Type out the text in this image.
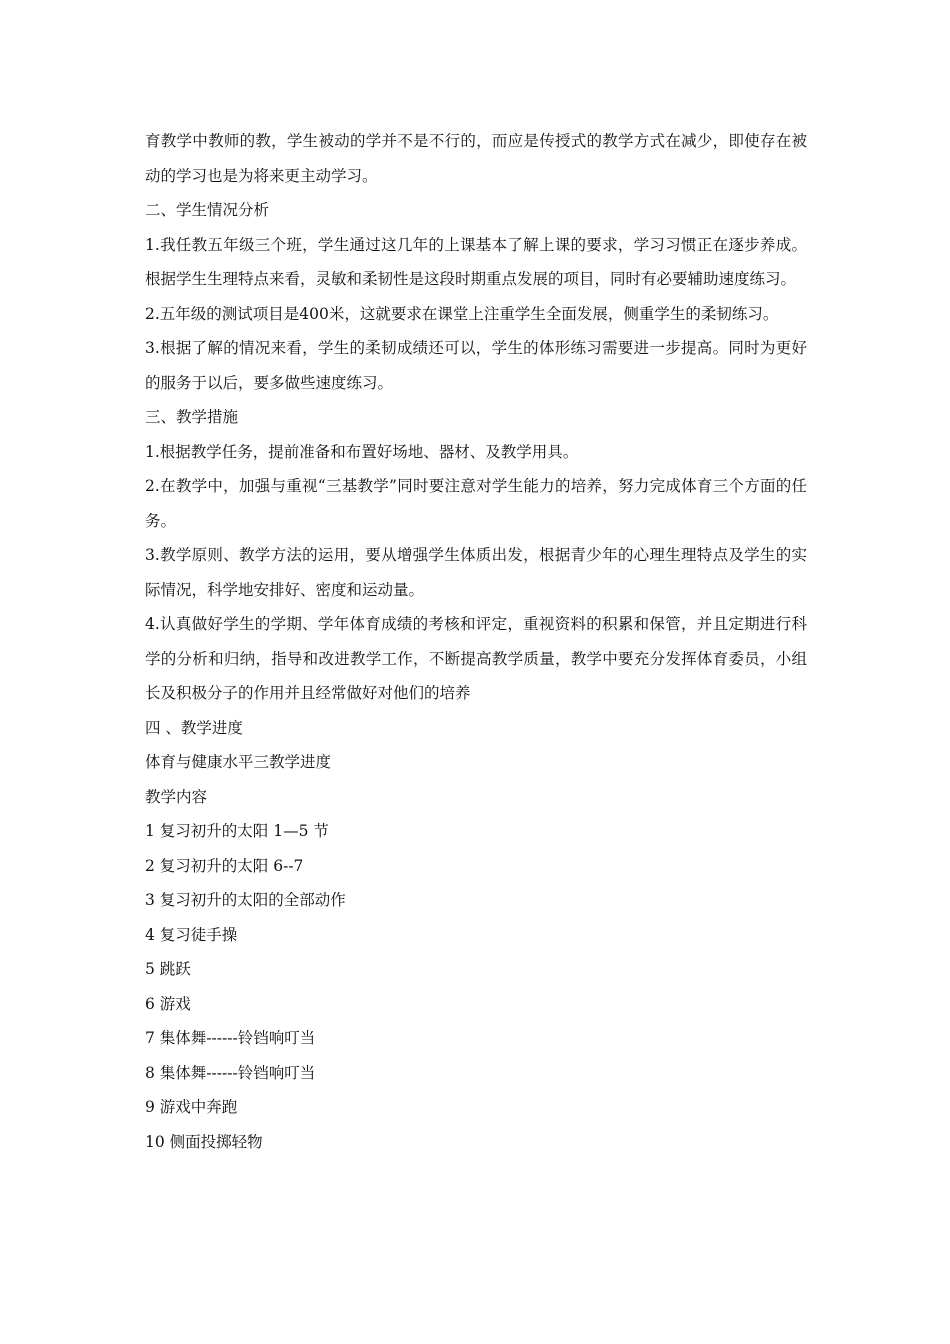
育教学中教师的教，学生被动的学并不是不行的，而应是传授式的教学方式在减少，即使存在被动的学习也是为将来更主动学习。

二、学生情况分析

1.我任教五年级三个班，学生通过这几年的上课基本了解上课的要求，学习习惯正在逐步养成。根据学生生理特点来看，灵敏和柔韧性是这段时期重点发展的项目，同时有必要辅助速度练习。

2.五年级的测试项目是400米，这就要求在课堂上注重学生全面发展，侧重学生的柔韧练习。

3.根据了解的情况来看，学生的柔韧成绩还可以，学生的体形练习需要进一步提高。同时为更好的服务于以后，要多做些速度练习。

三、教学措施

1.根据教学任务，提前准备和布置好场地、器材、及教学用具。

2.在教学中，加强与重视“三基教学”同时要注意对学生能力的培养，努力完成体育三个方面的任务。

3.教学原则、教学方法的运用，要从增强学生体质出发，根据青少年的心理生理特点及学生的实际情况，科学地安排好、密度和运动量。

4.认真做好学生的学期、学年体育成绩的考核和评定，重视资料的积累和保管，并且定期进行科学的分析和归纳，指导和改进教学工作，不断提高教学质量，教学中要充分发挥体育委员，小组长及积极分子的作用并且经常做好对他们的培养

四 、教学进度

体育与健康水平三教学进度

教学内容

1 复习初升的太阳 1—5 节

2 复习初升的太阳 6--7

3 复习初升的太阳的全部动作

4 复习徒手操

5 跳跃

6 游戏

7 集体舞------铃铛响叮当

8 集体舞------铃铛响叮当

9 游戏中奔跑

10 侧面投掷轻物
